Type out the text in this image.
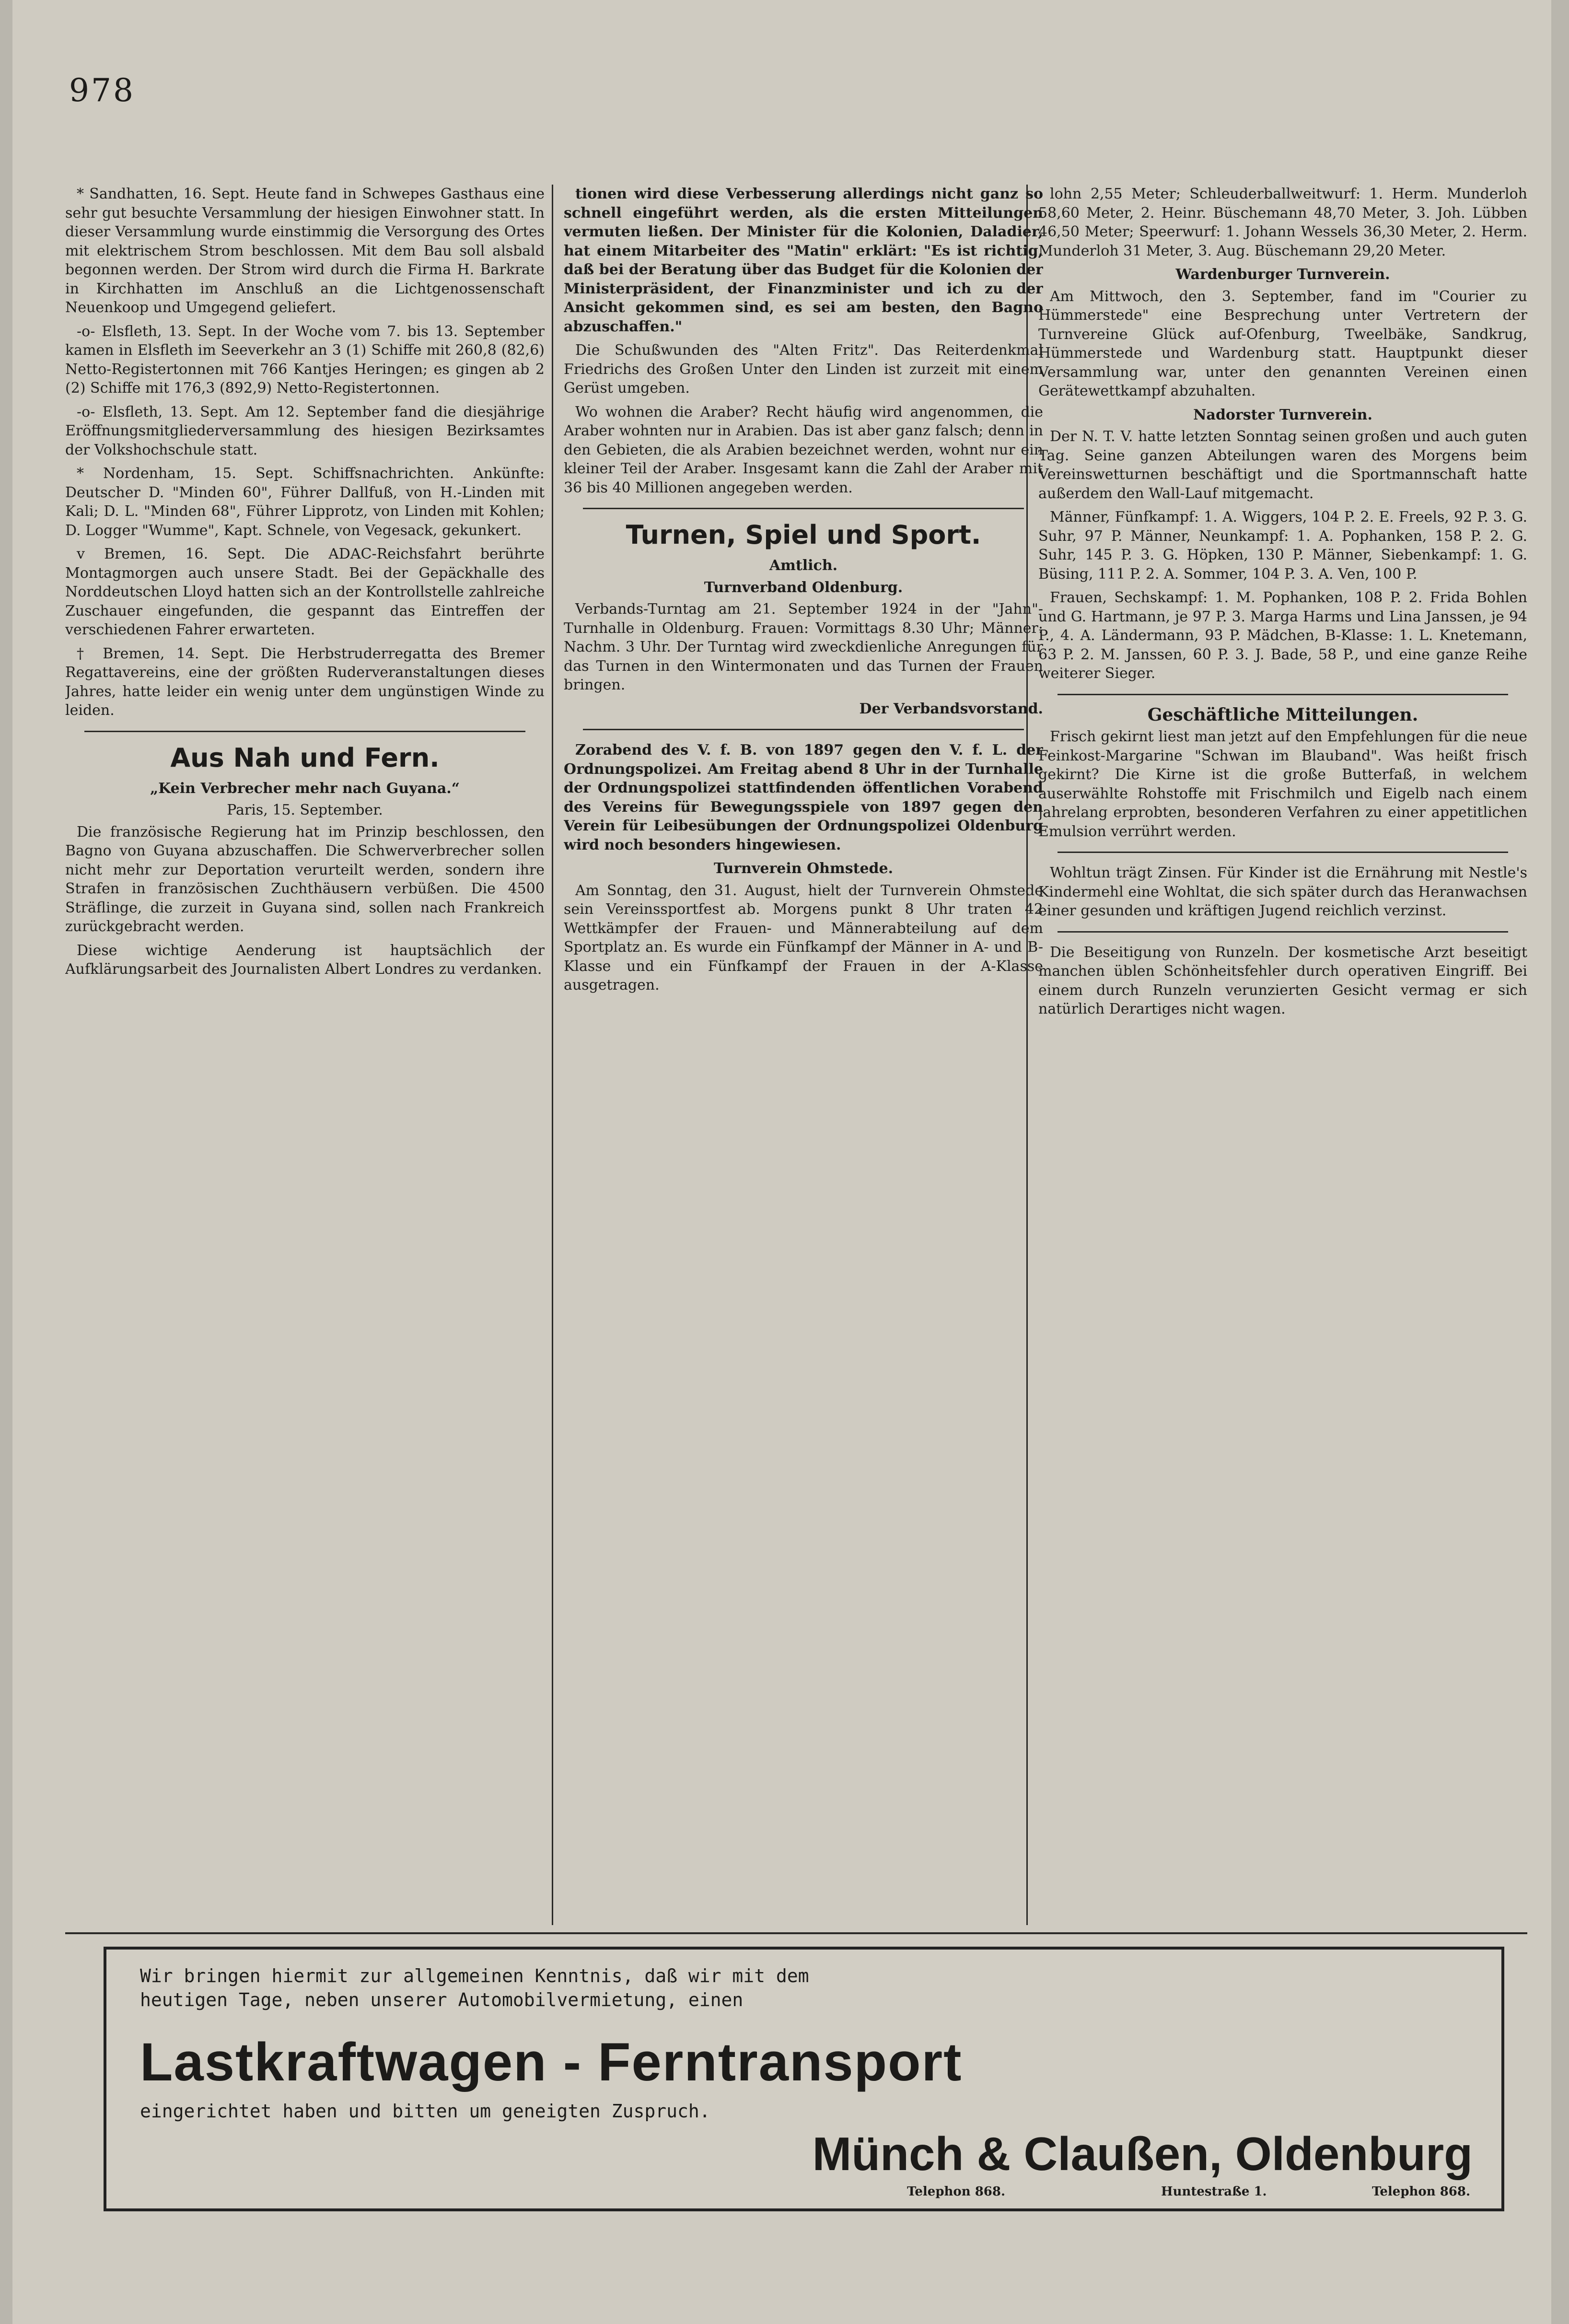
978

* Sandhatten, 16. Sept. Heute fand in Schwepes Gasthaus eine sehr gut besuchte Versammlung der hiesigen Einwohner statt. In dieser Versammlung wurde einstimmig die Versorgung des Ortes mit elektrischem Strom beschlossen. Mit dem Bau soll alsbald begonnen werden. Der Strom wird durch die Firma H. Barkrate in Kirchhatten im Anschluß an die Lichtgenossenschaft Neuenkoop und Umgegend geliefert.

-o- Elsfleth, 13. Sept. In der Woche vom 7. bis 13. September kamen in Elsfleth im Seeverkehr an 3 (1) Schiffe mit 260,8 (82,6) Netto-Registertonnen mit 766 Kantjes Heringen; es gingen ab 2 (2) Schiffe mit 176,3 (892,9) Netto-Registertonnen.

-o- Elsfleth, 13. Sept. Am 12. September fand die diesjährige Eröffnungsmitgliederversammlung des hiesigen Bezirksamtes der Volkshochschule statt.

* Nordenham, 15. Sept. Schiffsnachrichten. Ankünfte: Deutscher D. "Minden 60", Führer Dallfuß, von H.-Linden mit Kali; D. L. "Minden 68", Führer Lipprotz, von Linden mit Kohlen; D. Logger "Wumme", Kapt. Schnele, von Vegesack, gekunkert.

v Bremen, 16. Sept. Die ADAC-Reichsfahrt berührte Montagmorgen auch unsere Stadt. Bei der Gepäckhalle des Norddeutschen Lloyd hatten sich an der Kontrollstelle zahlreiche Zuschauer eingefunden, die gespannt das Eintreffen der verschiedenen Fahrer erwarteten.

† Bremen, 14. Sept. Die Herbstruderregatta des Bremer Regattavereins, eine der größten Ruderveranstaltungen dieses Jahres, hatte leider ein wenig unter dem ungünstigen Winde zu leiden.

Aus Nah und Fern.
„Kein Verbrecher mehr nach Guyana.“
Paris, 15. September.

Die französische Regierung hat im Prinzip beschlossen, den Bagno von Guyana abzuschaffen. Die Schwerverbrecher sollen nicht mehr zur Deportation verurteilt werden, sondern ihre Strafen in französischen Zuchthäusern verbüßen. Die 4500 Sträflinge, die zurzeit in Guyana sind, sollen nach Frankreich zurückgebracht werden.

Diese wichtige Aenderung ist hauptsächlich der Aufklärungsarbeit des Journalisten Albert Londres zu verdanken.

tionen wird diese Verbesserung allerdings nicht ganz so schnell eingeführt werden, als die ersten Mitteilungen vermuten ließen. Der Minister für die Kolonien, Daladier, hat einem Mitarbeiter des "Matin" erklärt: "Es ist richtig, daß bei der Beratung über das Budget für die Kolonien der Ministerpräsident, der Finanzminister und ich zu der Ansicht gekommen sind, es sei am besten, den Bagno abzuschaffen."

Die Schußwunden des "Alten Fritz". Das Reiterdenkmal Friedrichs des Großen Unter den Linden ist zurzeit mit einem Gerüst umgeben.

Wo wohnen die Araber? Recht häufig wird angenommen, die Araber wohnten nur in Arabien. Das ist aber ganz falsch; denn in den Gebieten, die als Arabien bezeichnet werden, wohnt nur ein kleiner Teil der Araber. Insgesamt kann die Zahl der Araber mit 36 bis 40 Millionen angegeben werden.

Turnen, Spiel und Sport.
Amtlich.
Turnverband Oldenburg.

Verbands-Turntag am 21. September 1924 in der "Jahn"-Turnhalle in Oldenburg. Frauen: Vormittags 8.30 Uhr; Männer: Nachm. 3 Uhr. Der Turntag wird zweckdienliche Anregungen für das Turnen in den Wintermonaten und das Turnen der Frauen bringen.

Der Verbandsvorstand.

Zorabend des V. f. B. von 1897 gegen den V. f. L. der Ordnungspolizei. Am Freitag abend 8 Uhr in der Turnhalle der Ordnungspolizei stattfindenden öffentlichen Vorabend des Vereins für Bewegungsspiele von 1897 gegen den Verein für Leibesübungen der Ordnungspolizei Oldenburg wird noch besonders hingewiesen.

Turnverein Ohmstede.

Am Sonntag, den 31. August, hielt der Turnverein Ohmstede sein Vereinssportfest ab. Morgens punkt 8 Uhr traten 42 Wettkämpfer der Frauen- und Männerabteilung auf dem Sportplatz an. Es wurde ein Fünfkampf der Männer in A- und B-Klasse und ein Fünfkampf der Frauen in der A-Klasse ausgetragen.

lohn 2,55 Meter; Schleuderballweitwurf: 1. Herm. Munderloh 58,60 Meter, 2. Heinr. Büschemann 48,70 Meter, 3. Joh. Lübben 46,50 Meter; Speerwurf: 1. Johann Wessels 36,30 Meter, 2. Herm. Munderloh 31 Meter, 3. Aug. Büschemann 29,20 Meter.

Wardenburger Turnverein.

Am Mittwoch, den 3. September, fand im "Courier zu Hümmerstede" eine Besprechung unter Vertretern der Turnvereine Glück auf-Ofenburg, Tweelbäke, Sandkrug, Hümmerstede und Wardenburg statt. Hauptpunkt dieser Versammlung war, unter den genannten Vereinen einen Gerätewettkampf abzuhalten.

Nadorster Turnverein.

Der N. T. V. hatte letzten Sonntag seinen großen und auch guten Tag. Seine ganzen Abteilungen waren des Morgens beim Vereinswetturnen beschäftigt und die Sportmannschaft hatte außerdem den Wall-Lauf mitgemacht.

Männer, Fünfkampf: 1. A. Wiggers, 104 P. 2. E. Freels, 92 P. 3. G. Suhr, 97 P. Männer, Neunkampf: 1. A. Pophanken, 158 P. 2. G. Suhr, 145 P. 3. G. Höpken, 130 P. Männer, Siebenkampf: 1. G. Büsing, 111 P. 2. A. Sommer, 104 P. 3. A. Ven, 100 P.

Frauen, Sechskampf: 1. M. Pophanken, 108 P. 2. Frida Bohlen und G. Hartmann, je 97 P. 3. Marga Harms und Lina Janssen, je 94 P., 4. A. Ländermann, 93 P. Mädchen, B-Klasse: 1. L. Knetemann, 63 P. 2. M. Janssen, 60 P. 3. J. Bade, 58 P., und eine ganze Reihe weiterer Sieger.

Geschäftliche Mitteilungen.

Frisch gekirnt liest man jetzt auf den Empfehlungen für die neue Feinkost-Margarine "Schwan im Blauband". Was heißt frisch gekirnt? Die Kirne ist die große Butterfaß, in welchem auserwählte Rohstoffe mit Frischmilch und Eigelb nach einem jahrelang erprobten, besonderen Verfahren zu einer appetitlichen Emulsion verrührt werden.

Wohltun trägt Zinsen. Für Kinder ist die Ernährung mit Nestle's Kindermehl eine Wohltat, die sich später durch das Heranwachsen einer gesunden und kräftigen Jugend reichlich verzinst.

Die Beseitigung von Runzeln. Der kosmetische Arzt beseitigt manchen üblen Schönheitsfehler durch operativen Eingriff. Bei einem durch Runzeln verunzierten Gesicht vermag er sich natürlich Derartiges nicht wagen.

Wir bringen hiermit zur allgemeinen Kenntnis, daß wir mit dem
heutigen Tage, neben unserer Automobilvermietung, einen
Lastkraftwagen - Ferntransport
eingerichtet haben und bitten um geneigten Zuspruch.
Münch & Claußen, Oldenburg
Telephon 868.	Huntestraße 1.	Telephon 868.
